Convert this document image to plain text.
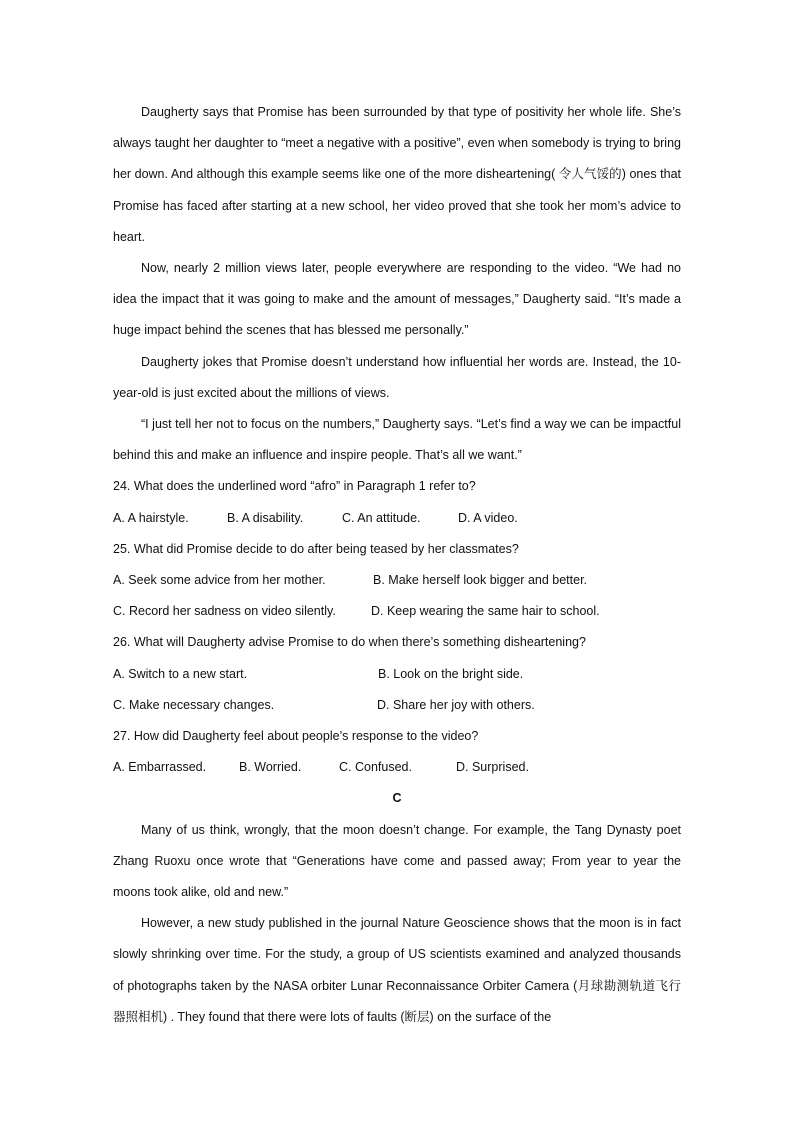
Daugherty says that Promise has been surrounded by that type of positivity her whole life. She’s always taught her daughter to “meet a negative with a positive”, even when somebody is trying to bring her down. And although this example seems like one of the more disheartening( 令人气馁的) ones that Promise has faced after starting at a new school, her video proved that she took her mom’s advice to heart.

Now, nearly 2 million views later, people everywhere are responding to the video. “We had no idea the impact that it was going to make and the amount of messages,” Daugherty said. “It’s made a huge impact behind the scenes that has blessed me personally.”

Daugherty jokes that Promise doesn’t understand how influential her words are. Instead, the 10-year-old is just excited about the millions of views.

“I just tell her not to focus on the numbers,” Daugherty says. “Let’s find a way we can be impactful behind this and make an influence and inspire people. That’s all we want.”

24. What does the underlined word “afro” in Paragraph 1 refer to?

A. A hairstyle.	B. A disability.	C. An attitude.	D. A video.

25. What did Promise decide to do after being teased by her classmates?

A. Seek some advice from her mother.	B. Make herself look bigger and better.
C. Record her sadness on video silently.	D. Keep wearing the same hair to school.

26. What will Daugherty advise Promise to do when there’s something disheartening?

A. Switch to a new start.	B. Look on the bright side.
C. Make necessary changes.	D. Share her joy with others.

27. How did Daugherty feel about people’s response to the video?

A. Embarrassed.	B. Worried.	C. Confused.	D. Surprised.

C

Many of us think, wrongly, that the moon doesn’t change. For example, the Tang Dynasty poet Zhang Ruoxu once wrote that “Generations have come and passed away; From year to year the moons took alike, old and new.”

However, a new study published in the journal Nature Geoscience shows that the moon is in fact slowly shrinking over time. For the study, a group of US scientists examined and analyzed thousands of photographs taken by the NASA orbiter Lunar Reconnaissance Orbiter Camera (月球勘测轨道飞行器照相机) . They found that there were lots of faults (断层) on the surface of the
